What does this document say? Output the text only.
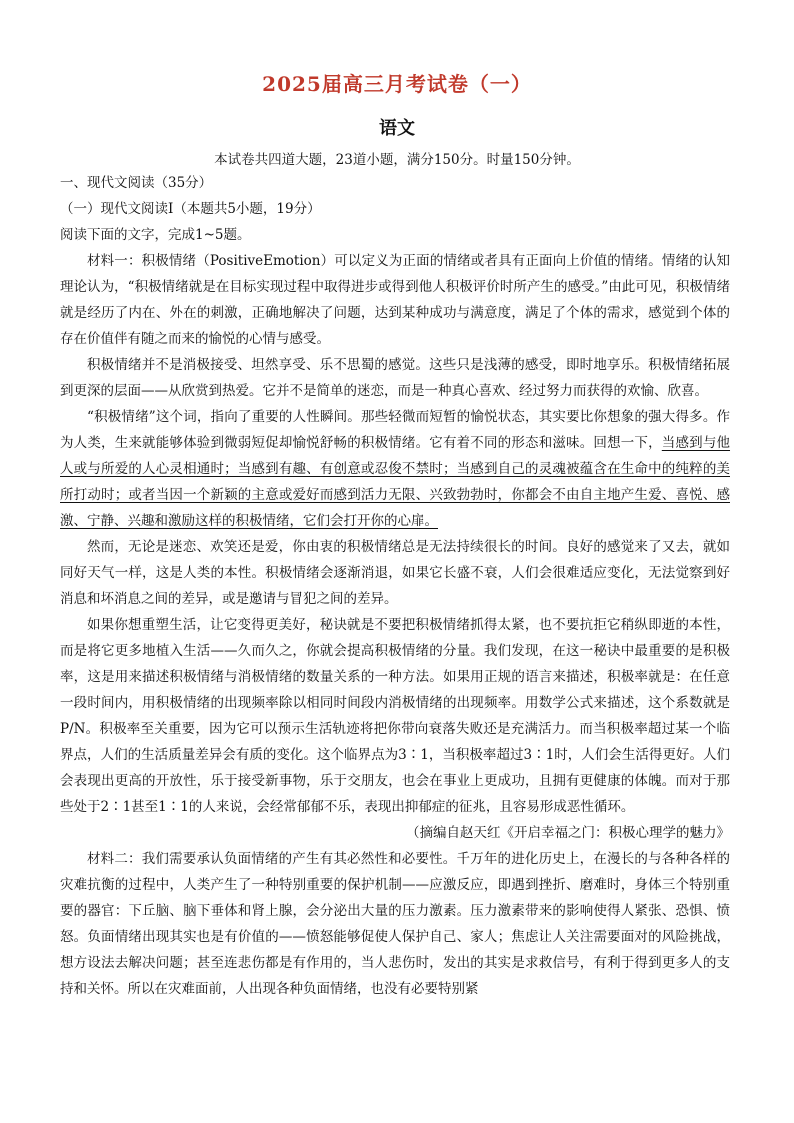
2025届高三月考试卷（一）
语文
本试卷共四道大题，23道小题，满分150分。时量150分钟。

一、现代文阅读（35分）

（一）现代文阅读Ⅰ（本题共5小题，19分）

阅读下面的文字，完成1~5题。

材料一：积极情绪（PositiveEmotion）可以定义为正面的情绪或者具有正面向上价值的情绪。情绪的认知理论认为，“积极情绪就是在目标实现过程中取得进步或得到他人积极评价时所产生的感受。”由此可见，积极情绪就是经历了内在、外在的刺激，正确地解决了问题，达到某种成功与满意度，满足了个体的需求，感觉到个体的存在价值伴有随之而来的愉悦的心情与感受。

积极情绪并不是消极接受、坦然享受、乐不思蜀的感觉。这些只是浅薄的感受，即时地享乐。积极情绪拓展到更深的层面——从欣赏到热爱。它并不是简单的迷恋，而是一种真心喜欢、经过努力而获得的欢愉、欣喜。

“积极情绪”这个词，指向了重要的人性瞬间。那些轻微而短暂的愉悦状态，其实要比你想象的强大得多。作为人类，生来就能够体验到微弱短促却愉悦舒畅的积极情绪。它有着不同的形态和滋味。回想一下，当感到与他人或与所爱的人心灵相通时；当感到有趣、有创意或忍俊不禁时；当感到自己的灵魂被蕴含在生命中的纯粹的美所打动时；或者当因一个新颖的主意或爱好而感到活力无限、兴致勃勃时，你都会不由自主地产生爱、喜悦、感激、宁静、兴趣和激励这样的积极情绪，它们会打开你的心扉。

然而，无论是迷恋、欢笑还是爱，你由衷的积极情绪总是无法持续很长的时间。良好的感觉来了又去，就如同好天气一样，这是人类的本性。积极情绪会逐渐消退，如果它长盛不衰，人们会很难适应变化，无法觉察到好消息和坏消息之间的差异，或是邀请与冒犯之间的差异。

如果你想重塑生活，让它变得更美好，秘诀就是不要把积极情绪抓得太紧，也不要抗拒它稍纵即逝的本性，而是将它更多地植入生活——久而久之，你就会提高积极情绪的分量。我们发现，在这一秘诀中最重要的是积极率，这是用来描述积极情绪与消极情绪的数量关系的一种方法。如果用正规的语言来描述，积极率就是：在任意一段时间内，用积极情绪的出现频率除以相同时间段内消极情绪的出现频率。用数学公式来描述，这个系数就是P/N。积极率至关重要，因为它可以预示生活轨迹将把你带向衰落失败还是充满活力。而当积极率超过某一个临界点，人们的生活质量差异会有质的变化。这个临界点为3∶1，当积极率超过3∶1时，人们会生活得更好。人们会表现出更高的开放性，乐于接受新事物，乐于交朋友，也会在事业上更成功，且拥有更健康的体魄。而对于那些处于2∶1甚至1∶1的人来说，会经常郁郁不乐，表现出抑郁症的征兆，且容易形成恶性循环。

（摘编自赵天红《开启幸福之门：积极心理学的魅力》

材料二：我们需要承认负面情绪的产生有其必然性和必要性。千万年的进化历史上，在漫长的与各种各样的灾难抗衡的过程中，人类产生了一种特别重要的保护机制——应激反应，即遇到挫折、磨难时，身体三个特别重要的器官：下丘脑、脑下垂体和肾上腺，会分泌出大量的压力激素。压力激素带来的影响使得人紧张、恐惧、愤怒。负面情绪出现其实也是有价值的——愤怒能够促使人保护自己、家人；焦虑让人关注需要面对的风险挑战，想方设法去解决问题；甚至连悲伤都是有作用的，当人悲伤时，发出的其实是求救信号，有利于得到更多人的支持和关怀。所以在灾难面前，人出现各种负面情绪，也没有必要特别紧
